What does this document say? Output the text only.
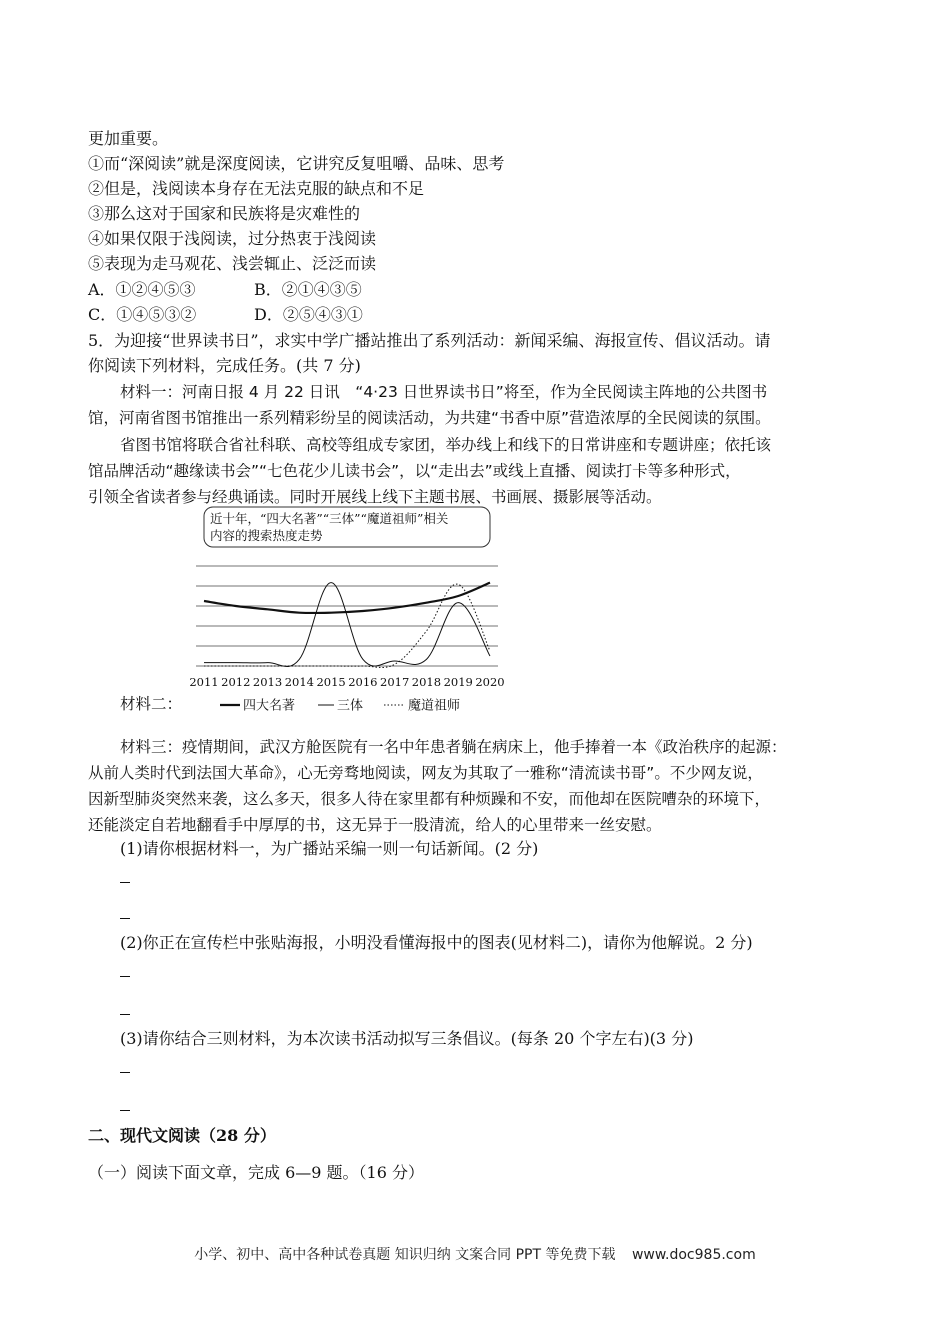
更加重要。
①而“深阅读”就是深度阅读，它讲究反复咀嚼、品味、思考
②但是，浅阅读本身存在无法克服的缺点和不足
③那么这对于国家和民族将是灾难性的
④如果仅限于浅阅读，过分热衷于浅阅读
⑤表现为走马观花、浅尝辄止、泛泛而读
A．①②④⑤③	B．②①④③⑤
C．①④⑤③②	D．②⑤④③①
5．为迎接“世界读书日”，求实中学广播站推出了系列活动：新闻采编、海报宣传、倡议活动。请
你阅读下列材料，完成任务。(共 7 分)
材料一：河南日报 4 月 22 日讯　“4·23 日世界读书日”将至，作为全民阅读主阵地的公共图书
馆，河南省图书馆推出一系列精彩纷呈的阅读活动，为共建“书香中原”营造浓厚的全民阅读的氛围。
省图书馆将联合省社科联、高校等组成专家团，举办线上和线下的日常讲座和专题讲座；依托该
馆品牌活动“趣缘读书会”“七色花少儿读书会”，以“走出去”或线上直播、阅读打卡等多种形式，
引领全省读者参与经典诵读。同时开展线上线下主题书展、书画展、摄影展等活动。
近十年，“四大名著”“三体”“魔道祖师”相关
内容的搜索热度走势
2011 2012 2013 2014 2015 2016 2017 2018 2019 2020
材料二：	四大名著	三体	魔道祖师
材料三：疫情期间，武汉方舱医院有一名中年患者躺在病床上，他手捧着一本《政治秩序的起源：
从前人类时代到法国大革命》，心无旁骛地阅读，网友为其取了一雅称“清流读书哥”。不少网友说，
因新型肺炎突然来袭，这么多天，很多人待在家里都有种烦躁和不安，而他却在医院嘈杂的环境下，
还能淡定自若地翻看手中厚厚的书，这无异于一股清流，给人的心里带来一丝安慰。
(1)请你根据材料一，为广播站采编一则一句话新闻。(2 分)
(2)你正在宣传栏中张贴海报，小明没看懂海报中的图表(见材料二)，请你为他解说。2 分)
(3)请你结合三则材料，为本次读书活动拟写三条倡议。(每条 20 个字左右)(3 分)
二、现代文阅读（28 分）
（一）阅读下面文章，完成 6—9 题。（16 分）
小学、初中、高中各种试卷真题 知识归纳 文案合同 PPT 等免费下载 www.doc985.com
